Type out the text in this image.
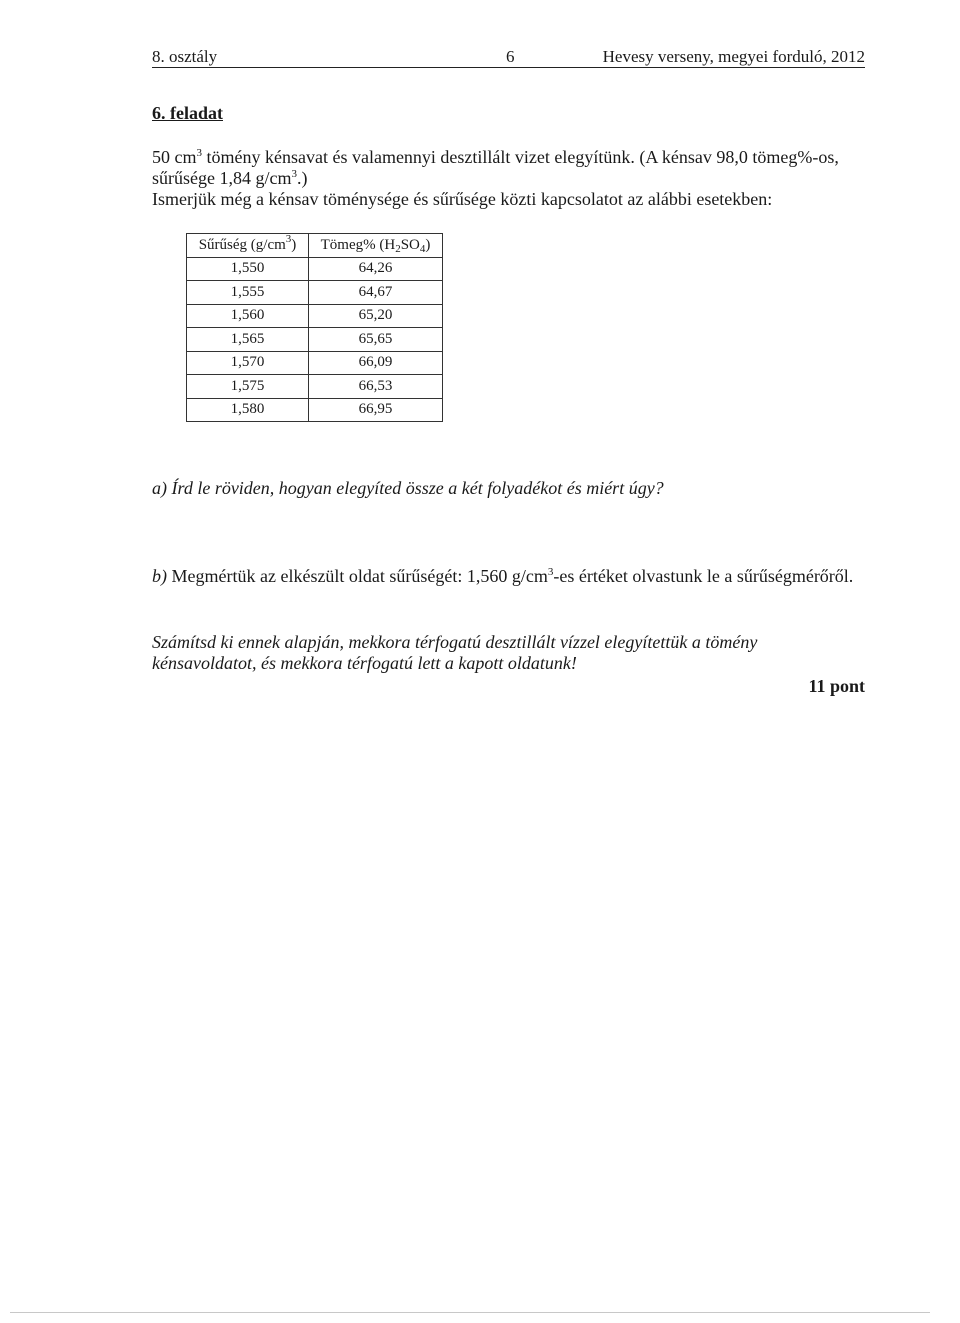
8. osztály	6	Hevesy verseny, megyei forduló, 2012
6. feladat
50 $cm^3$ tömény kénsavat és valamennyi desztillált vizet elegyítünk. (A kénsav 98,0 tömeg%-os, sűrűsége 1,84 $g/cm^3$.)
Ismerjük még a kénsav töménysége és sűrűsége közti kapcsolatot az alábbi esetekben:
Sűrűség $(g/cm^3)$	Tömeg% $(H_2SO_4)$
1,550	64,26
1,555	64,67
1,560	65,20
1,565	65,65
1,570	66,09
1,575	66,53
1,580	66,95
a) Írd le röviden, hogyan elegyíted össze a két folyadékot és miért úgy?
b) Megmértük az elkészült oldat sűrűségét: 1,560 $g/cm^3-es$ értéket olvastunk le a sűrűségmérőről.
Számítsd ki ennek alapján, mekkora térfogatú desztillált vízzel elegyítettük a tömény kénsavoldatot, és mekkora térfogatú lett a kapott oldatunk!
11 pont
